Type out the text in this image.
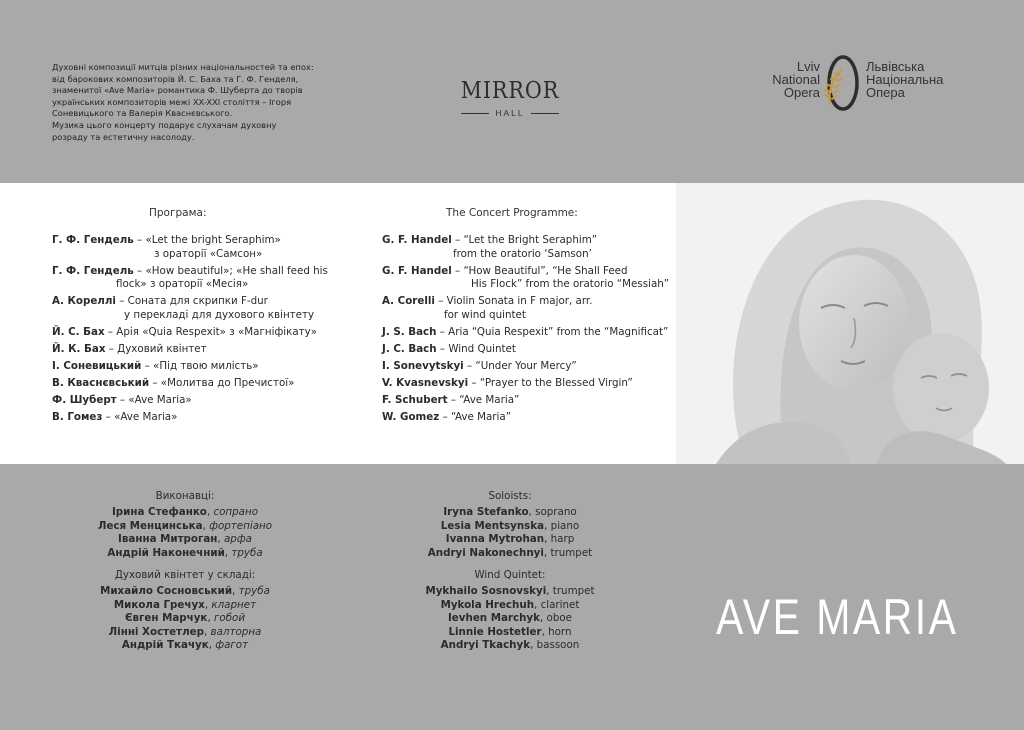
Духовні композиції митців різних національностей та епох:

від барокових композиторів Й. С. Баха та Г. Ф. Генделя,

знаменитої «Ave Maria» романтика Ф. Шуберта до творів

українських композиторів межі XX-XXI століття – Ігоря

Соневицького та Валерія Кваснєвського.

Музика цього концерту подарує слухачам духовну

розраду та естетичну насолоду.

MIRROR
HALL
Lviv
National
Opera
Львівська
Національна
Опера
Програма:
Г. Ф. Гендель – «Let the bright Seraphim»
з ораторії «Самсон»
Г. Ф. Гендель – «How beautiful»; «He shall feed his
flock» з ораторії «Месія»
А. Кореллі – Соната для скрипки F-dur
у перекладі для духового квінтету
Й. С. Бах – Арія «Quia Respexit» з «Магніфікату»
Й. К. Бах – Духовий квінтет
І. Соневицький – «Під твою милість»
В. Кваснєвський – «Молитва до Пречистої»
Ф. Шуберт – «Ave Maria»
В. Гомез – «Ave Maria»
The Concert Programme:
G. F. Handel – “Let the Bright Seraphim”
from the oratorio ‘Samson’
G. F. Handel – “How Beautiful”, “He Shall Feed
His Flock” from the oratorio “Messiah”
A. Corelli – Violin Sonata in F major, arr.
for wind quintet
J. S. Bach – Aria “Quia Respexit” from the “Magnificat”
J. C. Bach – Wind Quintet
I. Sonevytskyi – “Under Your Mercy”
V. Kvasnevskyi – “Prayer to the Blessed Virgin”
F. Schubert – “Ave Maria”
W. Gomez – “Ave Maria”
Виконавці:
Ірина Стефанко, сопрано
Леся Менцинська, фортепіано
Іванна Митроган, арфа
Андрій Наконечний, труба
Духовий квінтет у складі:
Михайло Сосновський, труба
Микола Гречух, кларнет
Євген Марчук, гобой
Лінні Хостетлер, валторна
Андрій Ткачук, фагот
Soloists:
Iryna Stefanko, soprano
Lesia Mentsynska, piano
Ivanna Mytrohan, harp
Andryi Nakonechnyi, trumpet
Wind Quintet:
Mykhailo Sosnovskyi, trumpet
Mykola Hrechuh, clarinet
Ievhen Marchyk, oboe
Linnie Hostetler, horn
Andryi Tkachyk, bassoon
AVE MARIA
